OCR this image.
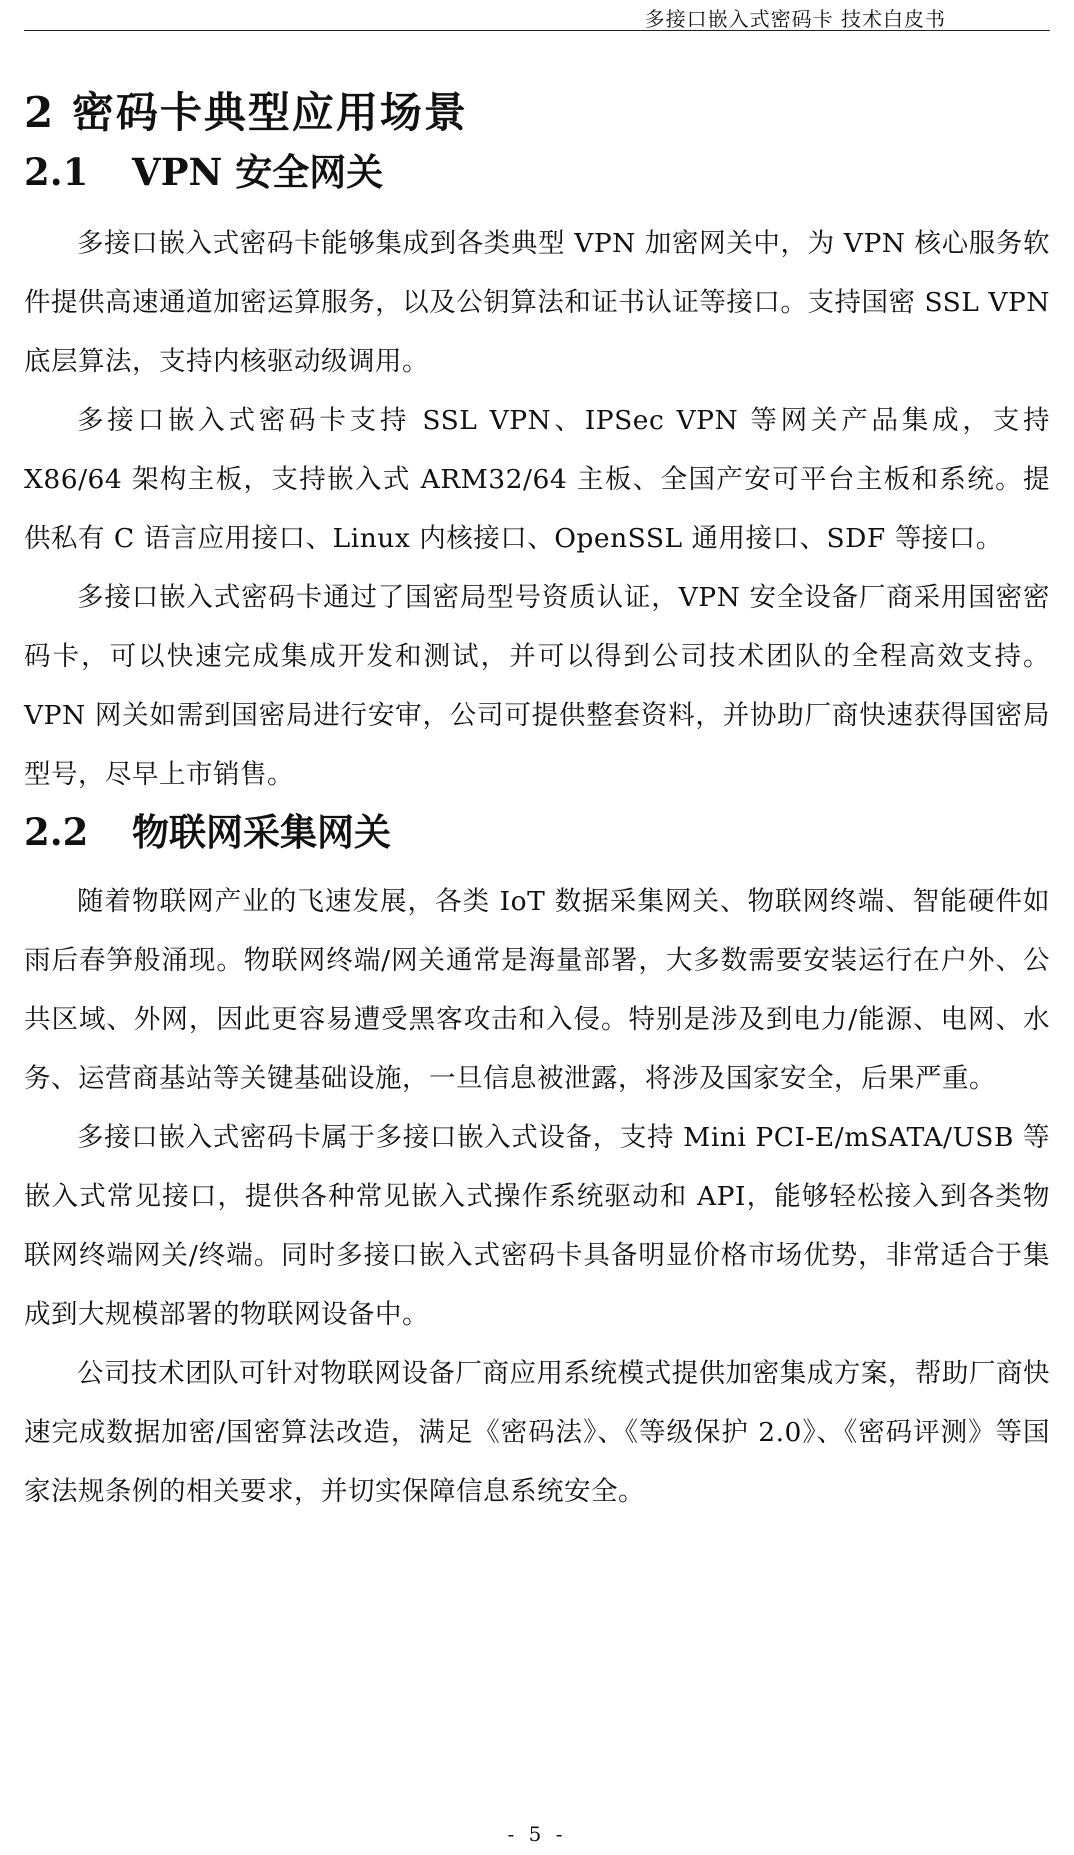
多接口嵌入式密码卡 技术白皮书
2 密码卡典型应用场景
2.1 VPN 安全网关

多接口嵌入式密码卡能够集成到各类典型 VPN 加密网关中，为 VPN 核心服务软件提供高速通道加密运算服务，以及公钥算法和证书认证等接口。支持国密 SSL VPN 底层算法，支持内核驱动级调用。

多接口嵌入式密码卡支持 SSL VPN、IPSec VPN 等网关产品集成，支持 X86/64 架构主板，支持嵌入式 ARM32/64 主板、全国产安可平台主板和系统。提供私有 C 语言应用接口、Linux 内核接口、OpenSSL 通用接口、SDF 等接口。

多接口嵌入式密码卡通过了国密局型号资质认证，VPN 安全设备厂商采用国密密码卡，可以快速完成集成开发和测试，并可以得到公司技术团队的全程高效支持。VPN 网关如需到国密局进行安审，公司可提供整套资料，并协助厂商快速获得国密局型号，尽早上市销售。

2.2 物联网采集网关

随着物联网产业的飞速发展，各类 IoT 数据采集网关、物联网终端、智能硬件如雨后春笋般涌现。物联网终端/网关通常是海量部署，大多数需要安装运行在户外、公共区域、外网，因此更容易遭受黑客攻击和入侵。特别是涉及到电力/能源、电网、水务、运营商基站等关键基础设施，一旦信息被泄露，将涉及国家安全，后果严重。

多接口嵌入式密码卡属于多接口嵌入式设备，支持 Mini PCI-E/mSATA/USB 等嵌入式常见接口，提供各种常见嵌入式操作系统驱动和 API，能够轻松接入到各类物联网终端网关/终端。同时多接口嵌入式密码卡具备明显价格市场优势，非常适合于集成到大规模部署的物联网设备中。

公司技术团队可针对物联网设备厂商应用系统模式提供加密集成方案，帮助厂商快速完成数据加密/国密算法改造，满足《密码法》、《等级保护 2.0》、《密码评测》等国家法规条例的相关要求，并切实保障信息系统安全。

- 5 -
